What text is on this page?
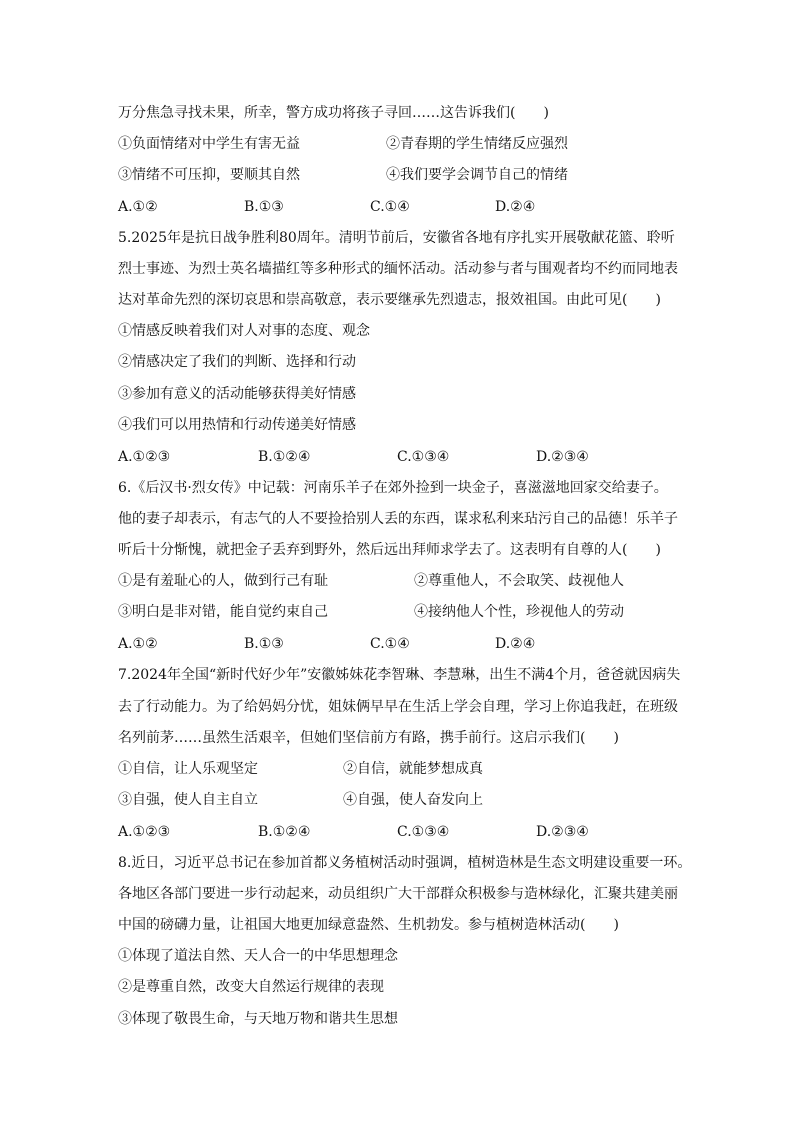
万分焦急寻找未果，所幸，警方成功将孩子寻回……这告诉我们(　　)
①负面情绪对中学生有害无益	②青春期的学生情绪反应强烈
③情绪不可压抑，要顺其自然	④我们要学会调节自己的情绪
A.①②	B.①③	C.①④	D.②④
5.2025年是抗日战争胜利80周年。清明节前后，安徽省各地有序扎实开展敬献花篮、聆听
烈士事迹、为烈士英名墙描红等多种形式的缅怀活动。活动参与者与围观者均不约而同地表
达对革命先烈的深切哀思和崇高敬意，表示要继承先烈遗志，报效祖国。由此可见(　　)
①情感反映着我们对人对事的态度、观念
②情感决定了我们的判断、选择和行动
③参加有意义的活动能够获得美好情感
④我们可以用热情和行动传递美好情感
A.①②③	B.①②④	C.①③④	D.②③④
6.《后汉书·烈女传》中记载：河南乐羊子在郊外捡到一块金子，喜滋滋地回家交给妻子。
他的妻子却表示，有志气的人不要捡拾别人丢的东西，谋求私利来玷污自己的品德！乐羊子
听后十分惭愧，就把金子丢弃到野外，然后远出拜师求学去了。这表明有自尊的人(　　)
①是有羞耻心的人，做到行己有耻	②尊重他人，不会取笑、歧视他人
③明白是非对错，能自觉约束自己	④接纳他人个性，珍视他人的劳动
A.①②	B.①③	C.①④	D.②④
7.2024年全国“新时代好少年”安徽姊妹花李智琳、李慧琳，出生不满4个月，爸爸就因病失
去了行动能力。为了给妈妈分忧，姐妹俩早早在生活上学会自理，学习上你追我赶，在班级
名列前茅……虽然生活艰辛，但她们坚信前方有路，携手前行。这启示我们(　　)
①自信，让人乐观坚定	②自信，就能梦想成真
③自强，使人自主自立	④自强，使人奋发向上
A.①②③	B.①②④	C.①③④	D.②③④
8.近日，习近平总书记在参加首都义务植树活动时强调，植树造林是生态文明建设重要一环。
各地区各部门要进一步行动起来，动员组织广大干部群众积极参与造林绿化，汇聚共建美丽
中国的磅礴力量，让祖国大地更加绿意盎然、生机勃发。参与植树造林活动(　　)
①体现了道法自然、天人合一的中华思想理念
②是尊重自然，改变大自然运行规律的表现
③体现了敬畏生命，与天地万物和谐共生思想
